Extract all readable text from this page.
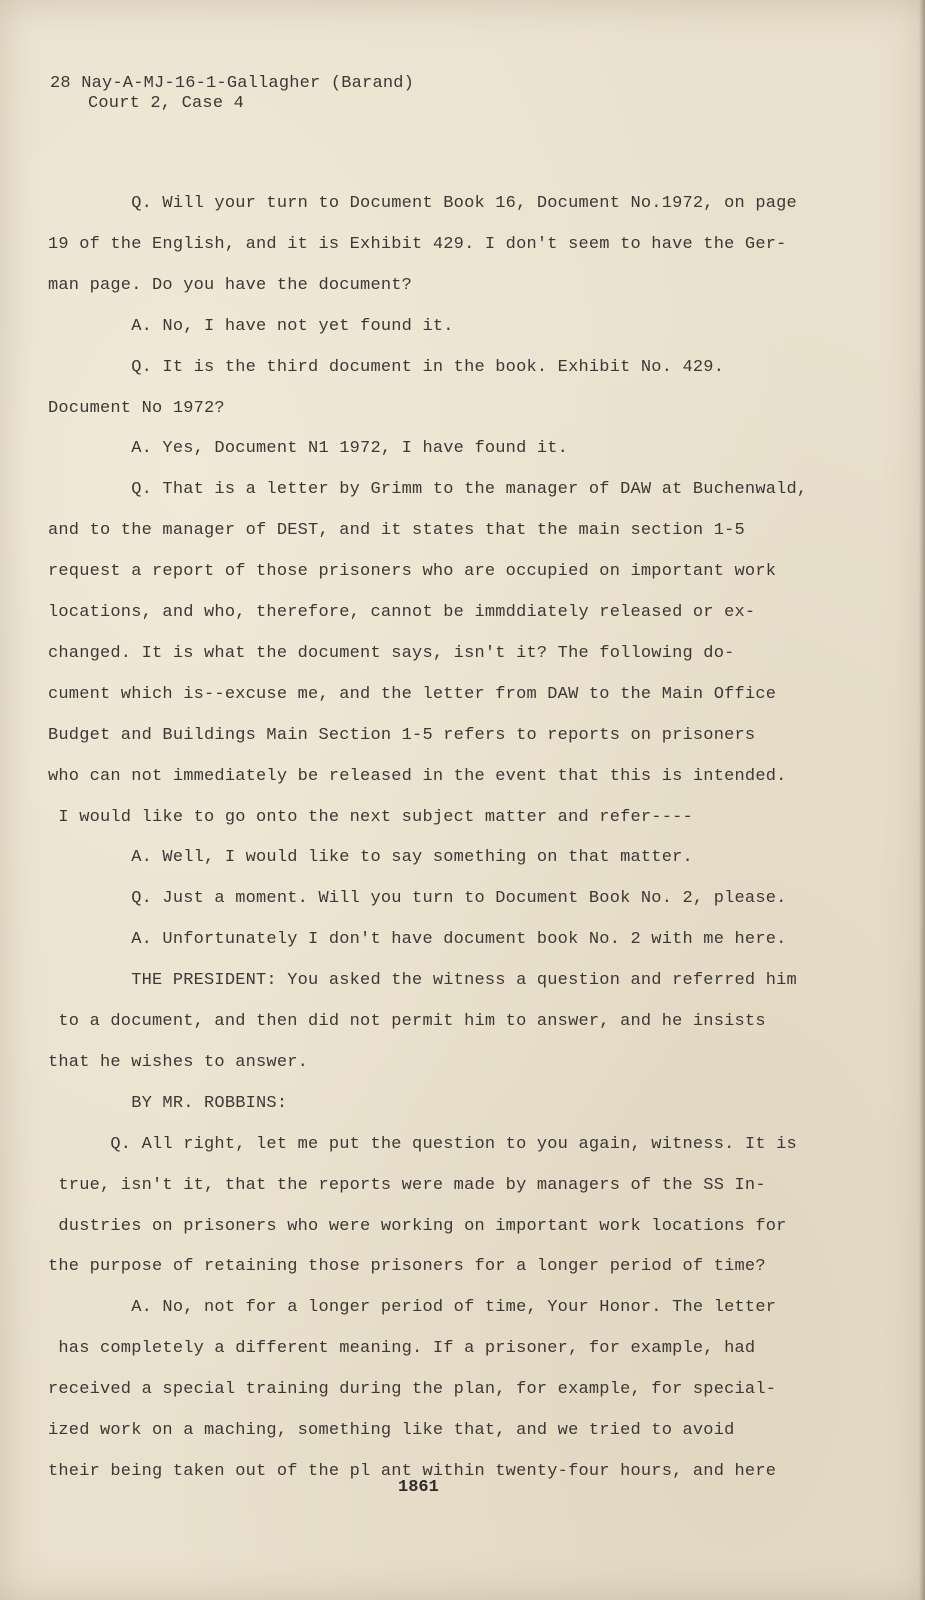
28 Nay-A-MJ-16-1-Gallagher (Barand)
Court 2, Case 4
Q. Will your turn to Document Book 16, Document No.1972, on page
19 of the English, and it is Exhibit 429. I don't seem to have the Ger-
man page. Do you have the document?
A. No, I have not yet found it.
Q. It is the third document in the book. Exhibit No. 429.
Document No 1972?
A. Yes, Document N1 1972, I have found it.
Q. That is a letter by Grimm to the manager of DAW at Buchenwald,
and to the manager of DEST, and it states that the main section 1-5
request a report of those prisoners who are occupied on important work
locations, and who, therefore, cannot be immddiately released or ex-
changed. It is what the document says, isn't it? The following do-
cument which is--excuse me, and the letter from DAW to the Main Office
Budget and Buildings Main Section 1-5 refers to reports on prisoners
who can not immediately be released in the event that this is intended.
I would like to go onto the next subject matter and refer----
A. Well, I would like to say something on that matter.
Q. Just a moment. Will you turn to Document Book No. 2, please.
A. Unfortunately I don't have document book No. 2 with me here.
THE PRESIDENT: You asked the witness a question and referred him
to a document, and then did not permit him to answer, and he insists
that he wishes to answer.
BY MR. ROBBINS:
Q. All right, let me put the question to you again, witness. It is
true, isn't it, that the reports were made by managers of the SS In-
dustries on prisoners who were working on important work locations for
the purpose of retaining those prisoners for a longer period of time?
A. No, not for a longer period of time, Your Honor. The letter
has completely a different meaning. If a prisoner, for example, had
received a special training during the plan, for example, for special-
ized work on a maching, something like that, and we tried to avoid
their being taken out of the pl ant within twenty-four hours, and here
1861
